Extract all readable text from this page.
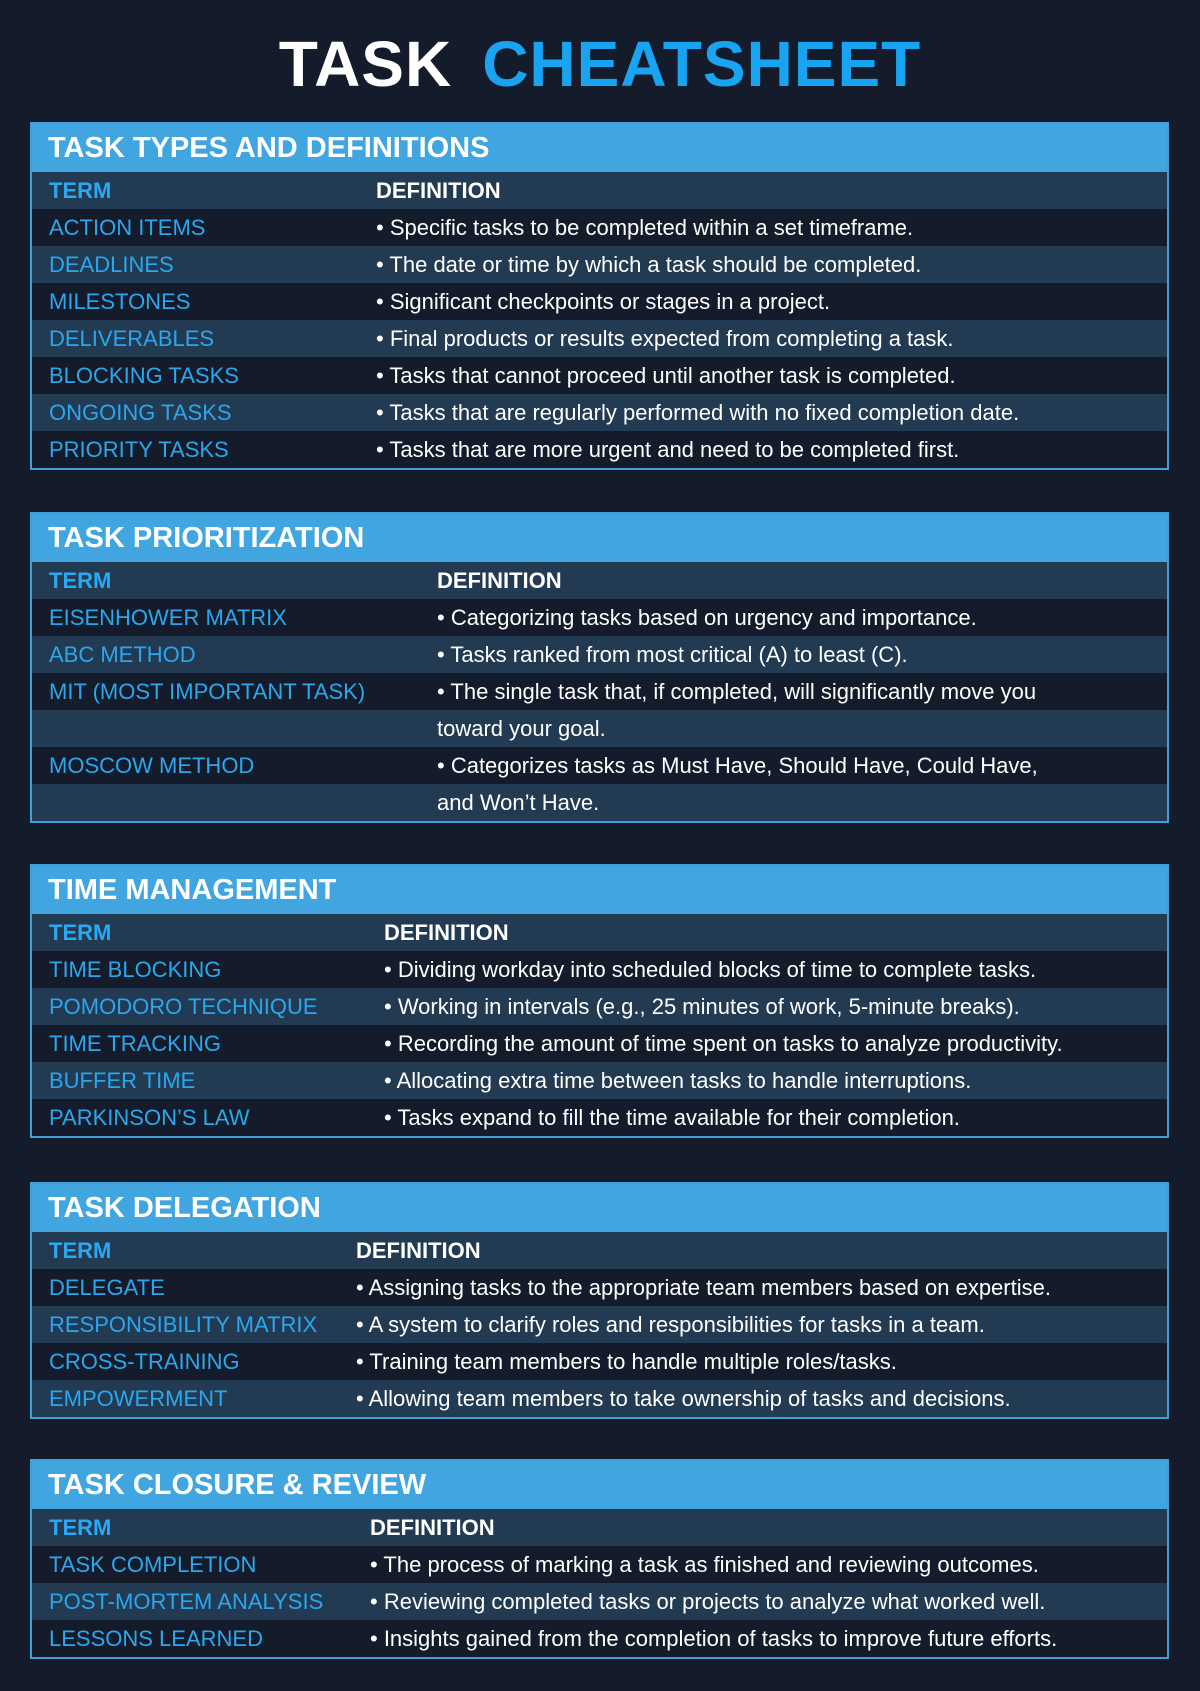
TASK CHEATSHEET
TASK TYPES AND DEFINITIONS
TERM	DEFINITION
ACTION ITEMS	• Specific tasks to be completed within a set timeframe.
DEADLINES	• The date or time by which a task should be completed.
MILESTONES	• Significant checkpoints or stages in a project.
DELIVERABLES	• Final products or results expected from completing a task.
BLOCKING TASKS	• Tasks that cannot proceed until another task is completed.
ONGOING TASKS	• Tasks that are regularly performed with no fixed completion date.
PRIORITY TASKS	• Tasks that are more urgent and need to be completed first.
TASK PRIORITIZATION
TERM	DEFINITION
EISENHOWER MATRIX	• Categorizing tasks based on urgency and importance.
ABC METHOD	• Tasks ranked from most critical (A) to least (C).
MIT (MOST IMPORTANT TASK)	• The single task that, if completed, will significantly move you
toward your goal.
MOSCOW METHOD	• Categorizes tasks as Must Have, Should Have, Could Have,
and Won’t Have.
TIME MANAGEMENT
TERM	DEFINITION
TIME BLOCKING	• Dividing workday into scheduled blocks of time to complete tasks.
POMODORO TECHNIQUE	• Working in intervals (e.g., 25 minutes of work, 5-minute breaks).
TIME TRACKING	• Recording the amount of time spent on tasks to analyze productivity.
BUFFER TIME	• Allocating extra time between tasks to handle interruptions.
PARKINSON’S LAW	• Tasks expand to fill the time available for their completion.
TASK DELEGATION
TERM	DEFINITION
DELEGATE	• Assigning tasks to the appropriate team members based on expertise.
RESPONSIBILITY MATRIX	• A system to clarify roles and responsibilities for tasks in a team.
CROSS-TRAINING	• Training team members to handle multiple roles/tasks.
EMPOWERMENT	• Allowing team members to take ownership of tasks and decisions.
TASK CLOSURE & REVIEW
TERM	DEFINITION
TASK COMPLETION	• The process of marking a task as finished and reviewing outcomes.
POST-MORTEM ANALYSIS	• Reviewing completed tasks or projects to analyze what worked well.
LESSONS LEARNED	• Insights gained from the completion of tasks to improve future efforts.
